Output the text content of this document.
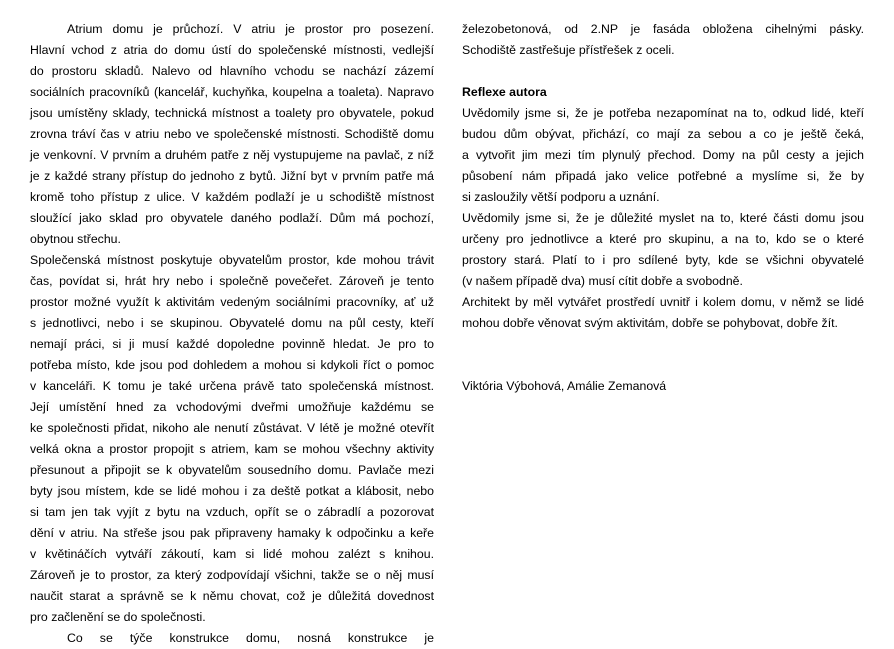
Atrium domu je průchozí. V atriu je prostor pro posezení.
Hlavní vchod z atria do domu ústí do společenské místnosti, vedlejší
do prostoru skladů. Nalevo od hlavního vchodu se nachází zázemí
sociálních pracovníků (kancelář, kuchyňka, koupelna a toaleta). Napravo
jsou umístěny sklady, technická místnost a toalety pro obyvatele, pokud
zrovna tráví čas v atriu nebo ve společenské místnosti. Schodiště domu
je venkovní. V prvním a druhém patře z něj vystupujeme na pavlač, z níž
je z každé strany přístup do jednoho z bytů. Jižní byt v prvním patře má
kromě toho přístup z ulice. V každém podlaží je u schodiště místnost
sloužící jako sklad pro obyvatele daného podlaží. Dům má pochozí,
obytnou střechu.
Společenská místnost poskytuje obyvatelům prostor, kde mohou trávit
čas, povídat si, hrát hry nebo i společně povečeřet. Zároveň je tento
prostor možné využít k aktivitám vedeným sociálními pracovníky, ať už
s jednotlivci, nebo i se skupinou. Obyvatelé domu na půl cesty, kteří
nemají práci, si ji musí každé dopoledne povinně hledat. Je pro to
potřeba místo, kde jsou pod dohledem a mohou si kdykoli říct o pomoc
v kanceláři. K tomu je také určena právě tato společenská místnost.
Její umístění hned za vchodovými dveřmi umožňuje každému se
ke společnosti přidat, nikoho ale nenutí zůstávat. V létě je možné otevřít
velká okna a prostor propojit s atriem, kam se mohou všechny aktivity
přesunout a připojit se k obyvatelům sousedního domu. Pavlače mezi
byty jsou místem, kde se lidé mohou i za deště potkat a klábosit, nebo
si tam jen tak vyjít z bytu na vzduch, opřít se o zábradlí a pozorovat
dění v atriu. Na střeše jsou pak připraveny hamaky k odpočinku a keře
v květináčích vytváří zákoutí, kam si lidé mohou zalézt s knihou.
Zároveň je to prostor, za který zodpovídají všichni, takže se o něj musí
naučit starat a správně se k němu chovat, což je důležitá dovednost
pro začlenění se do společnosti.
Co se týče konstrukce domu, nosná konstrukce je
železobetonová, od 2.NP je fasáda obložena cihelnými pásky.
Schodiště zastřešuje přístřešek z oceli.
Reflexe autora
Uvědomily jsme si, že je potřeba nezapomínat na to, odkud lidé, kteří
budou dům obývat, přichází, co mají za sebou a co je ještě čeká,
a vytvořit jim mezi tím plynulý přechod. Domy na půl cesty a jejich
působení nám připadá jako velice potřebné a myslíme si, že by
si zasloužily větší podporu a uznání.
Uvědomily jsme si, že je důležité myslet na to, které části domu jsou
určeny pro jednotlivce a které pro skupinu, a na to, kdo se o které
prostory stará. Platí to i pro sdílené byty, kde se všichni obyvatelé
(v našem případě dva) musí cítit dobře a svobodně.
Architekt by měl vytvářet prostředí uvnitř i kolem domu, v němž se lidé
mohou dobře věnovat svým aktivitám, dobře se pohybovat, dobře žít.
Viktória Výbohová, Amálie Zemanová
